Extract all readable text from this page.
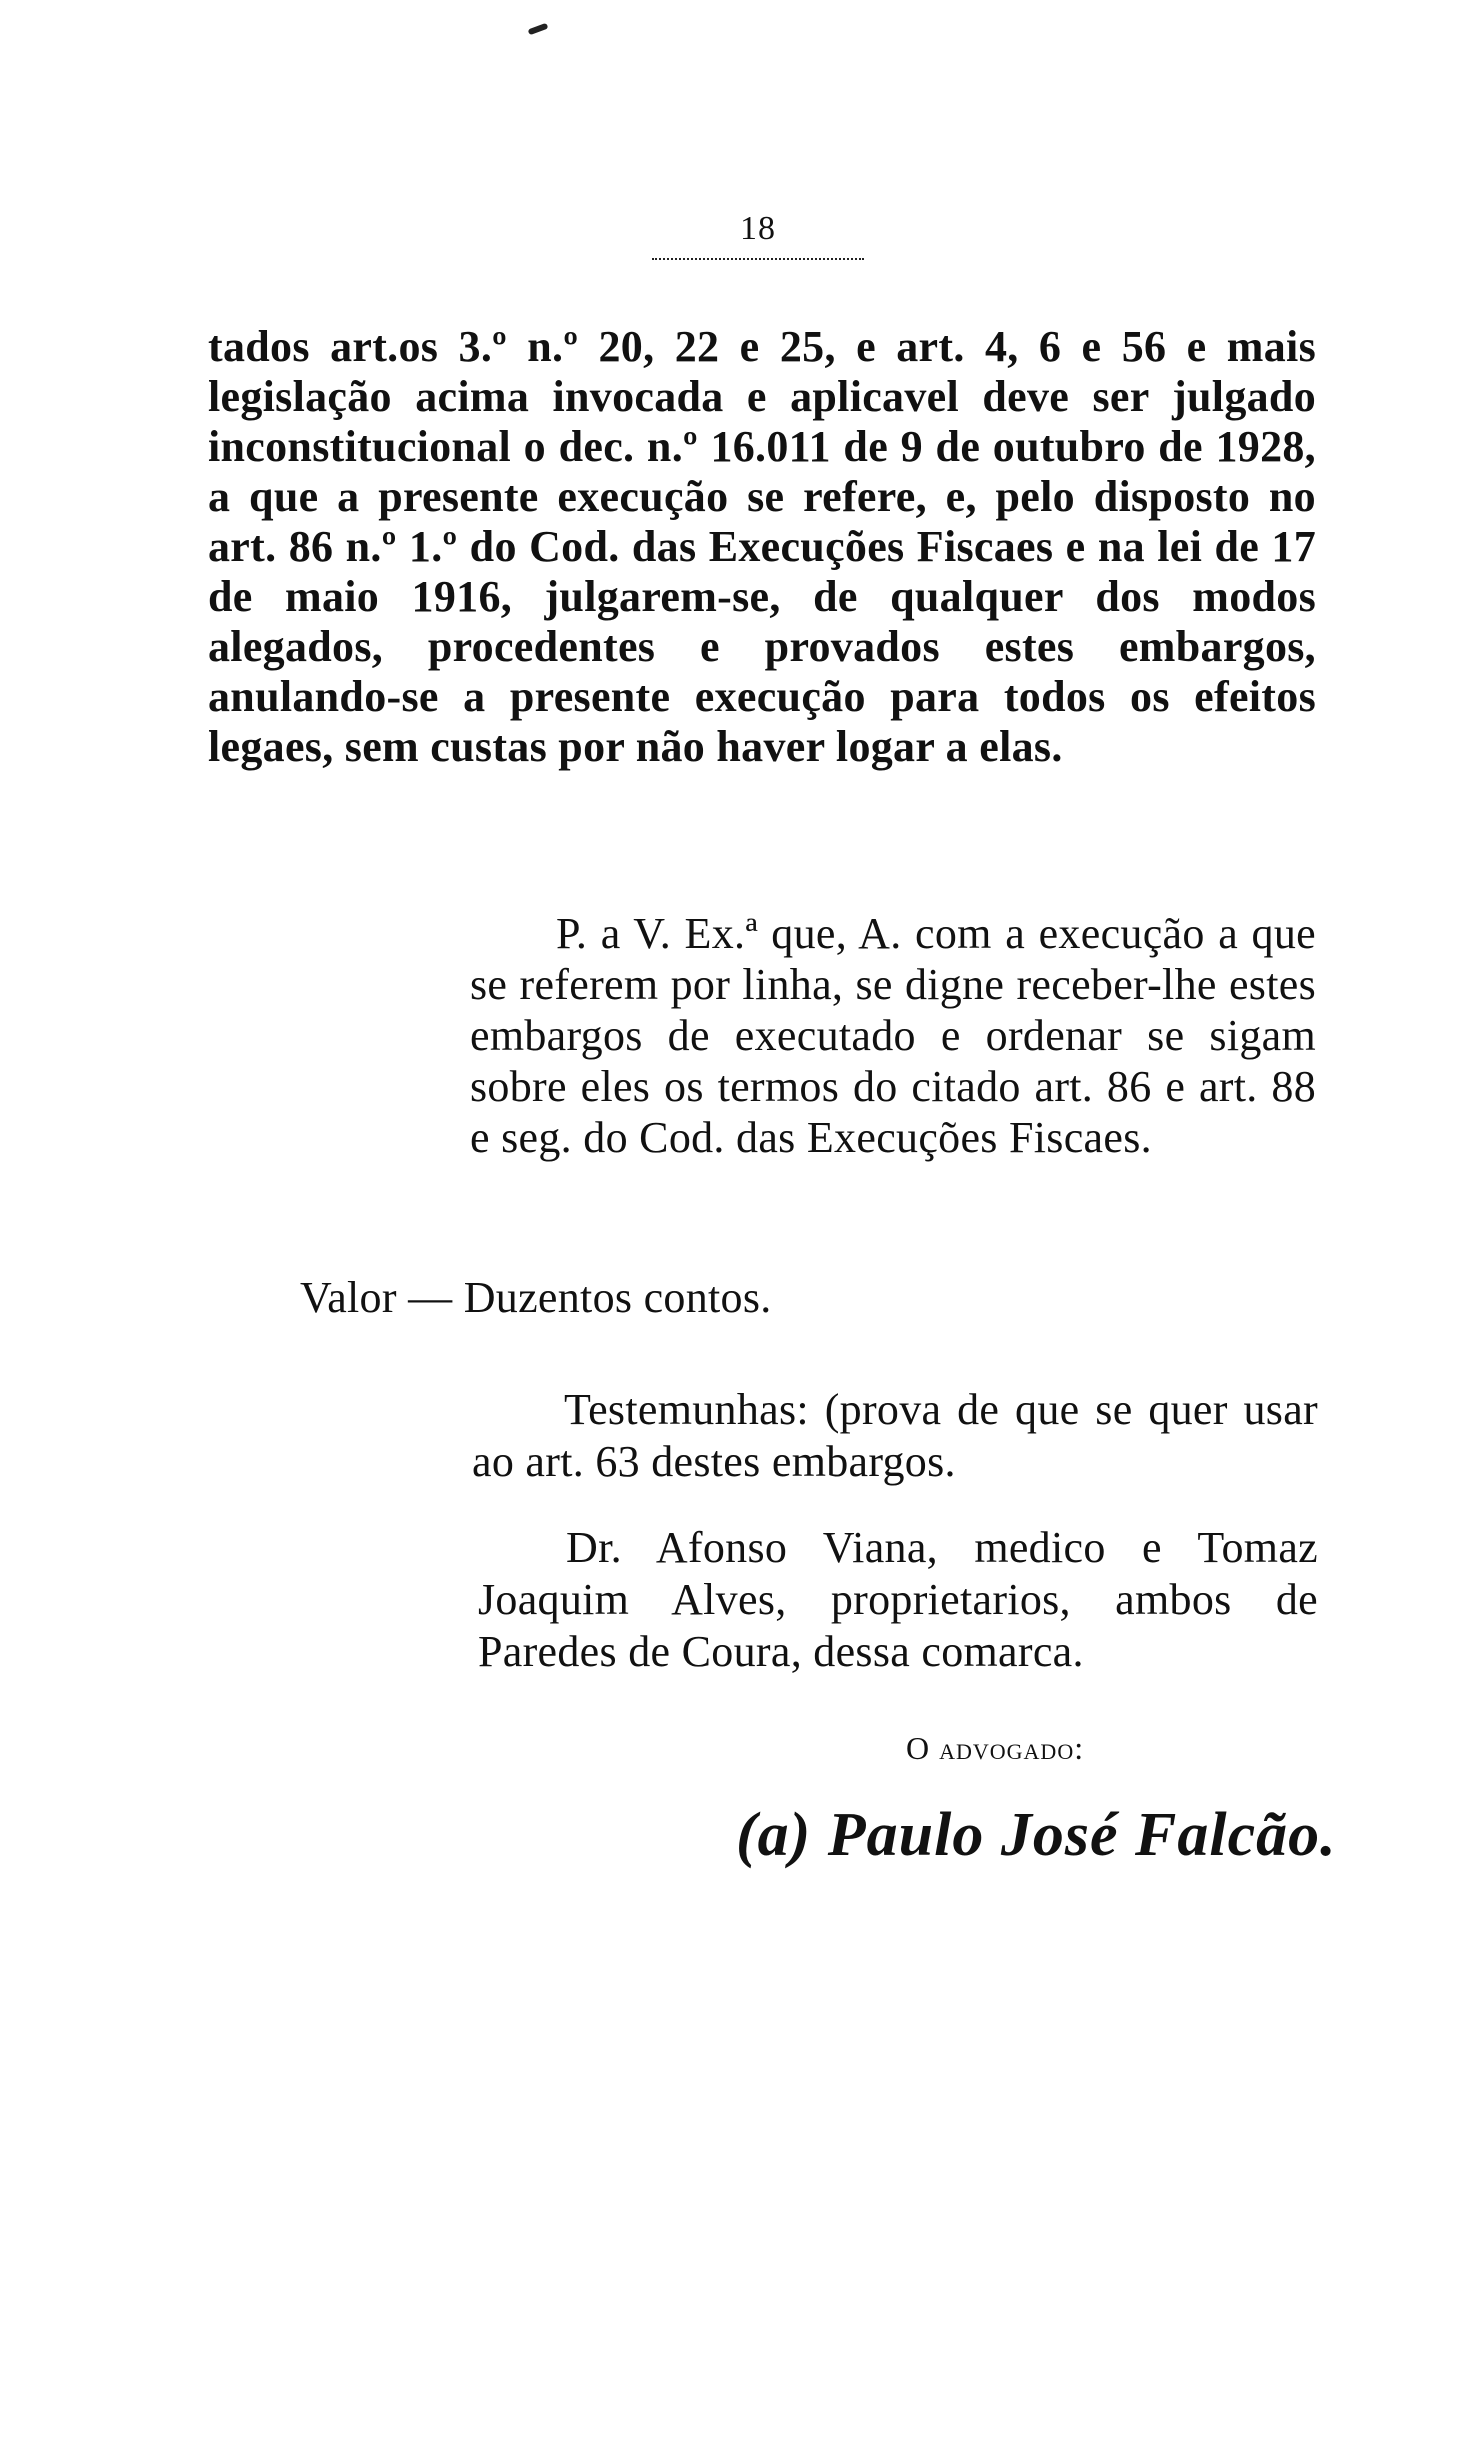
18
tados art.os 3.º n.º 20, 22 e 25, e art. 4, 6 e 56 e mais legislação acima invocada e aplicavel deve ser julgado inconstitucional o dec. n.º 16.011 de 9 de outubro de 1928, a que a presente execução se refere, e, pelo disposto no art. 86 n.º 1.º do Cod. das Execuções Fiscaes e na lei de 17 de maio 1916, julgarem-se, de qualquer dos modos alegados, procedentes e provados estes embargos, anulando-se a presente execução para todos os efeitos legaes, sem custas por não haver logar a elas.
P. a V. Ex.ª que, A. com a execução a que se referem por linha, se digne receber-lhe estes embargos de executado e ordenar se sigam sobre eles os termos do citado art. 86 e art. 88 e seg. do Cod. das Execuções Fiscaes.
Valor — Duzentos contos.
Testemunhas: (prova de que se quer usar ao art. 63 destes embargos.
Dr. Afonso Viana, medico e Tomaz Joaquim Alves, proprietarios, ambos de Paredes de Coura, dessa comarca.
O advogado:
(a) Paulo José Falcão.
